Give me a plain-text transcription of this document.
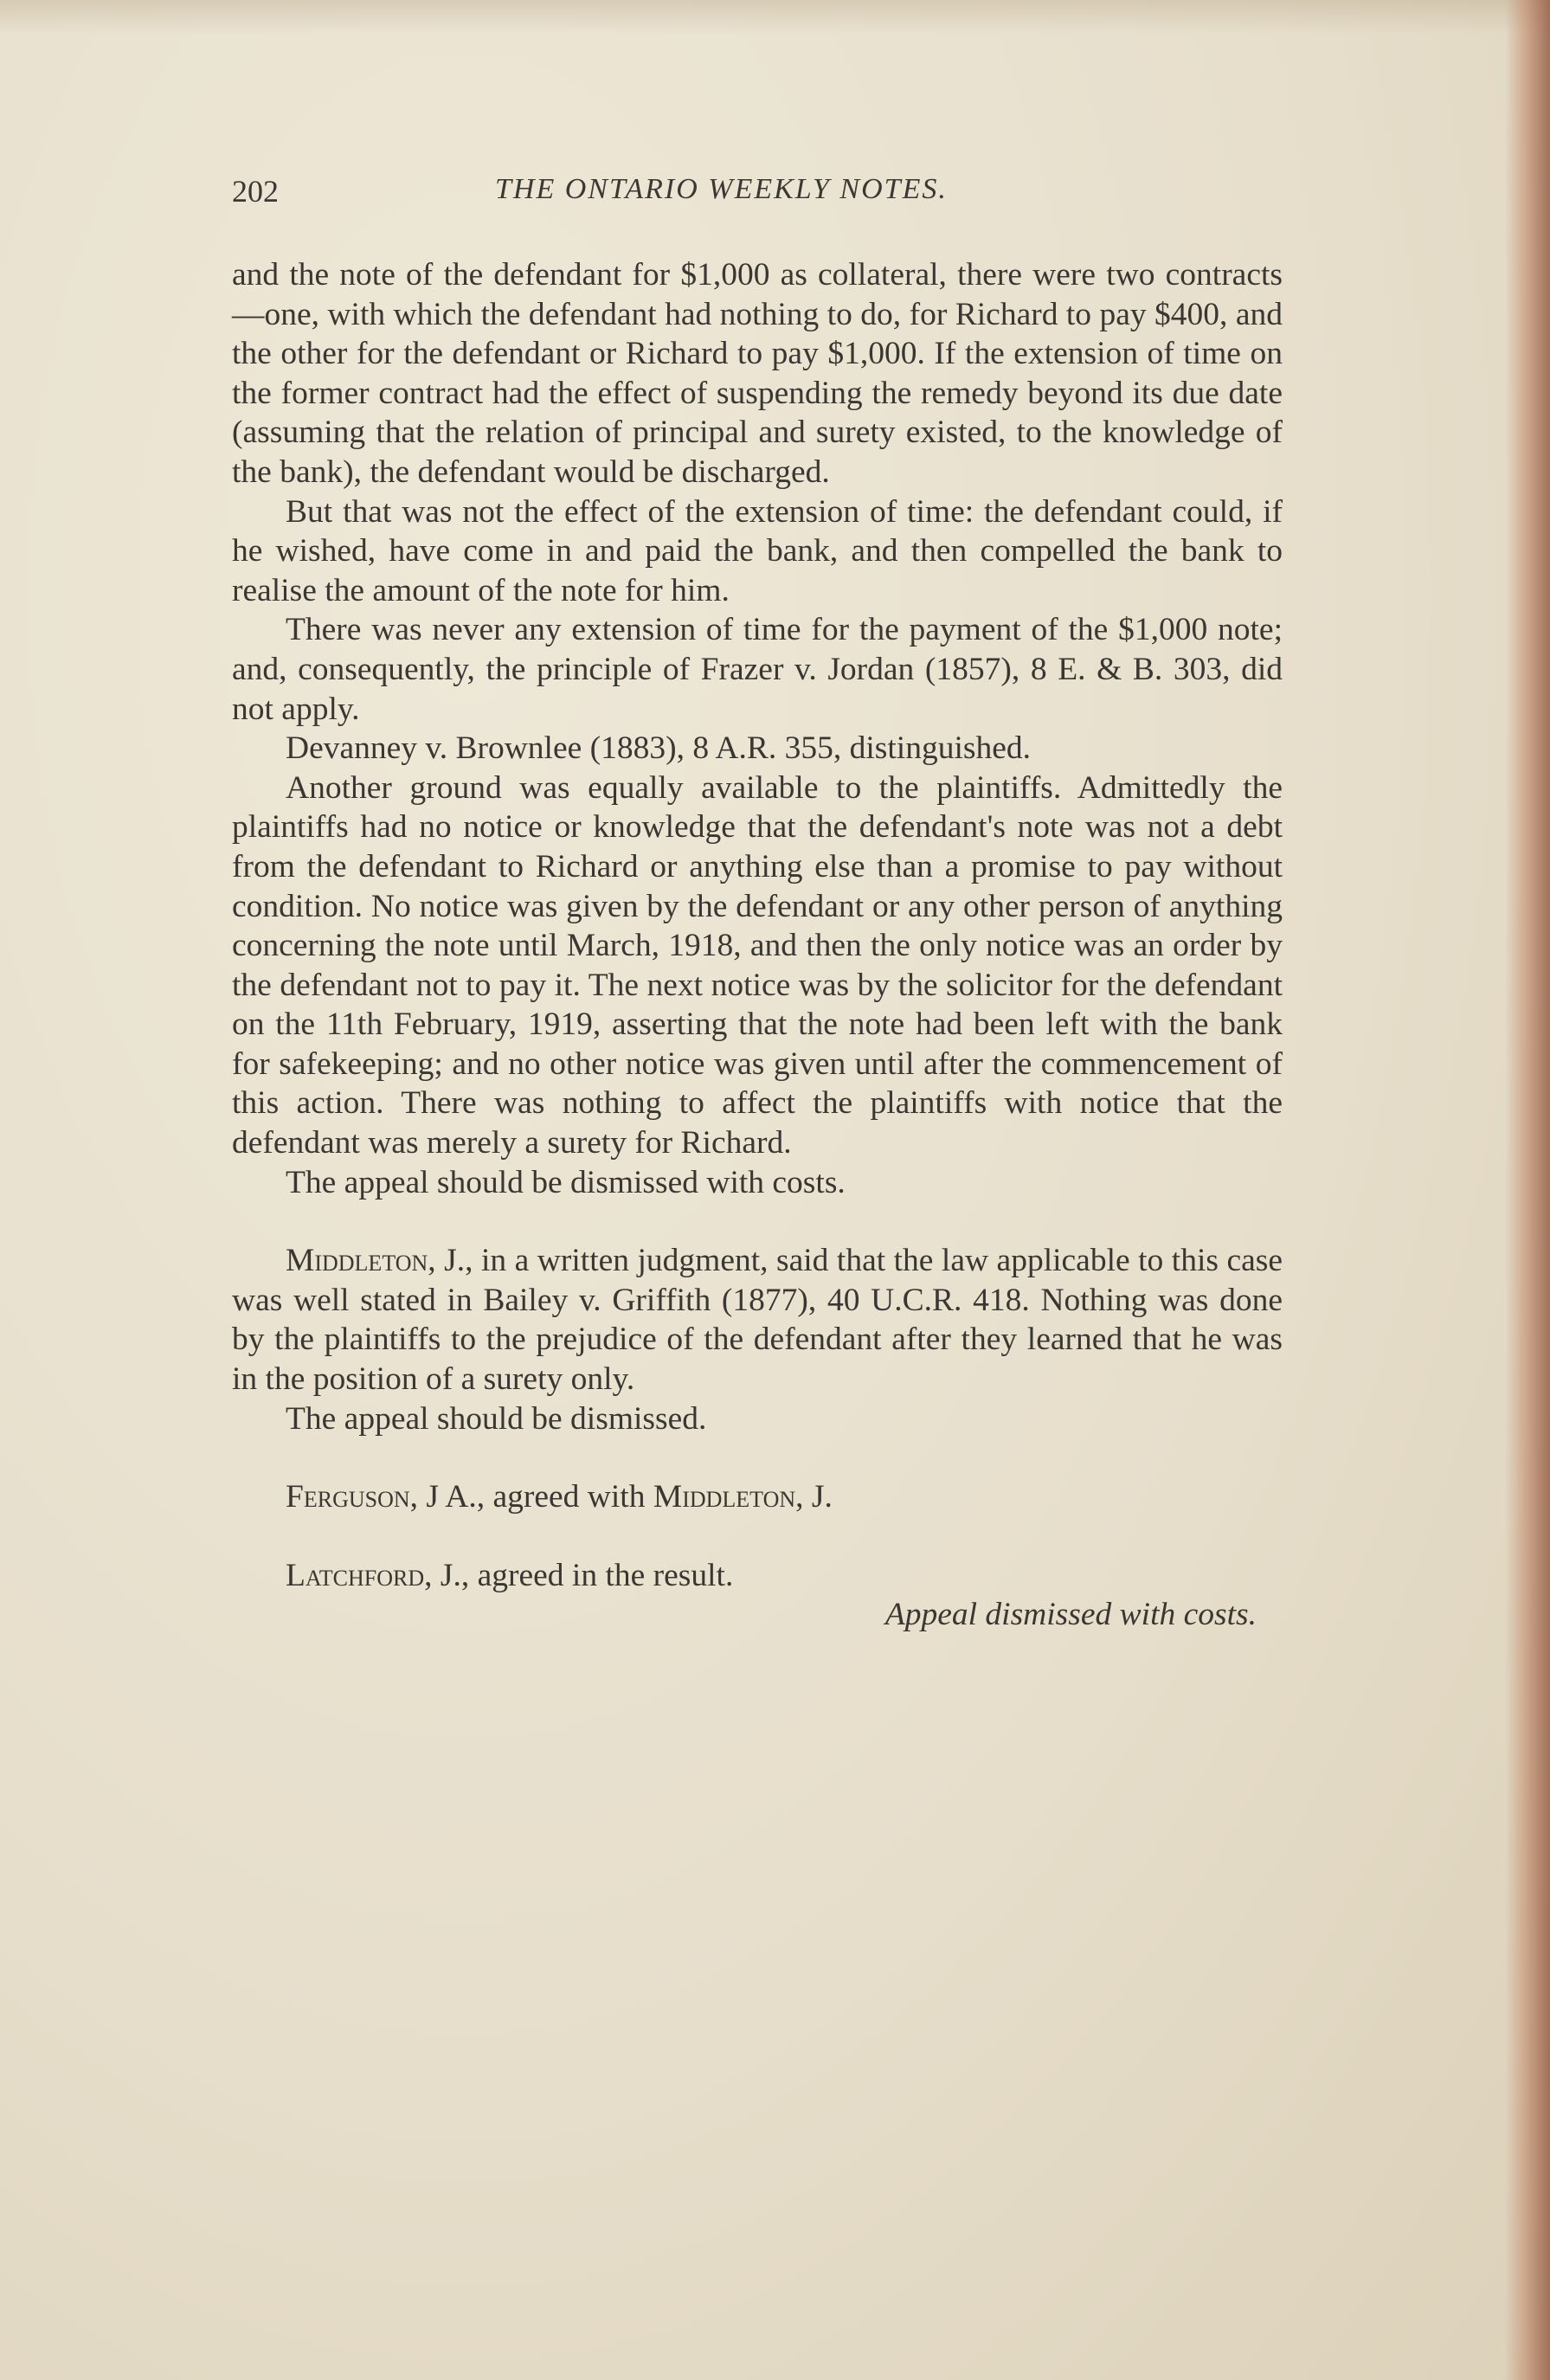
202	THE ONTARIO WEEKLY NOTES.

and the note of the defendant for $1,000 as collateral, there were two contracts—one, with which the defendant had nothing to do, for Richard to pay $400, and the other for the defendant or Richard to pay $1,000. If the extension of time on the former contract had the effect of suspending the remedy beyond its due date (assuming that the relation of principal and surety existed, to the knowledge of the bank), the defendant would be discharged.

But that was not the effect of the extension of time: the defendant could, if he wished, have come in and paid the bank, and then compelled the bank to realise the amount of the note for him.

There was never any extension of time for the payment of the $1,000 note; and, consequently, the principle of Frazer v. Jordan (1857), 8 E. & B. 303, did not apply.

Devanney v. Brownlee (1883), 8 A.R. 355, distinguished.

Another ground was equally available to the plaintiffs. Admittedly the plaintiffs had no notice or knowledge that the defendant's note was not a debt from the defendant to Richard or anything else than a promise to pay without condition. No notice was given by the defendant or any other person of anything concerning the note until March, 1918, and then the only notice was an order by the defendant not to pay it. The next notice was by the solicitor for the defendant on the 11th February, 1919, asserting that the note had been left with the bank for safekeeping; and no other notice was given until after the commencement of this action. There was nothing to affect the plaintiffs with notice that the defendant was merely a surety for Richard.

The appeal should be dismissed with costs.

Middleton, J., in a written judgment, said that the law applicable to this case was well stated in Bailey v. Griffith (1877), 40 U.C.R. 418. Nothing was done by the plaintiffs to the prejudice of the defendant after they learned that he was in the position of a surety only.

The appeal should be dismissed.

Ferguson, J A., agreed with Middleton, J.

Latchford, J., agreed in the result.

Appeal dismissed with costs.
